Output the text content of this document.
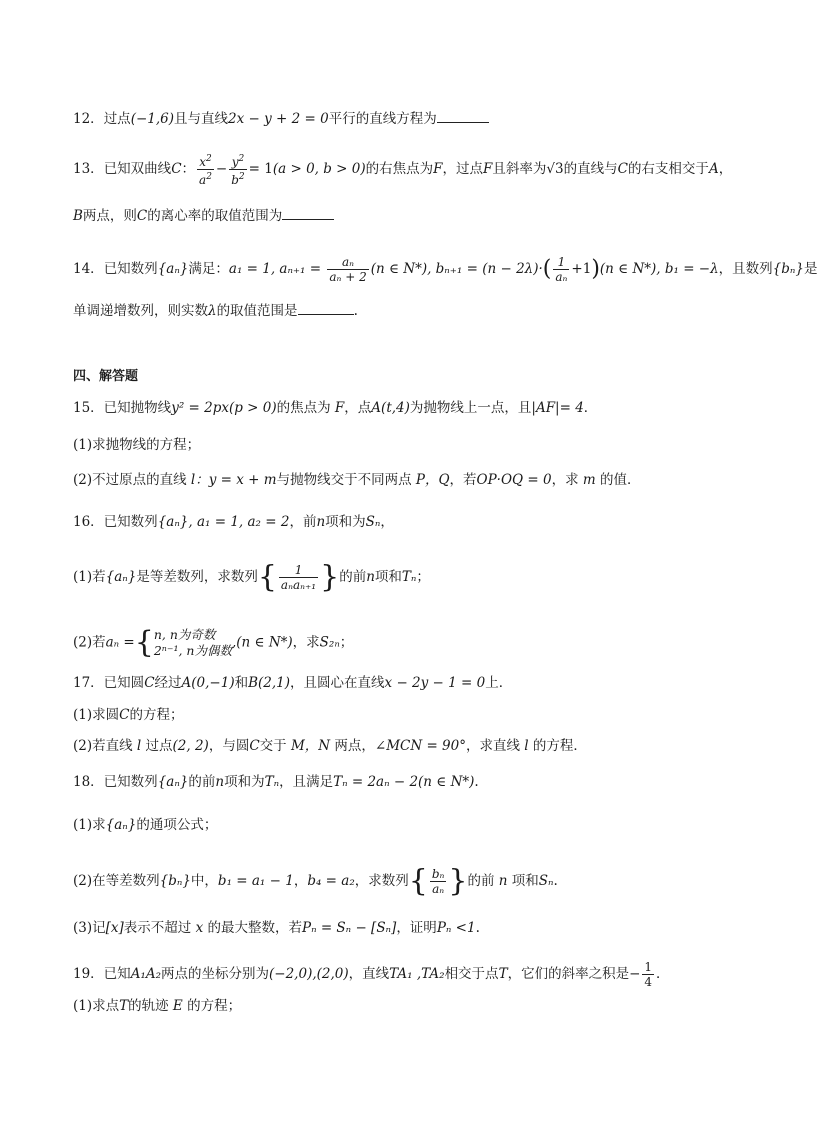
12．过点(−1,6)且与直线2x − y + 2 = 0平行的直线方程为
13．已知双曲线C： $\frac{x^2}{a^2} - \frac{y^2}{b^2} = 1(a > 0$, b > 0)的右焦点为F，过点F且斜率为√3的直线与C的右支相交于A，
B两点，则C的离心率的取值范围为
14．已知数列{aₙ}满足：a₁ = 1, $a_{n+1} = \frac{\text{aₙ}}{\text{aₙ + 2}} (n$ ∈ N*), $b_{n+1} = (n - 2\lambda)\cdot( \frac{1}{\text{aₙ}} +1)(n$ ∈ N*), b₁ = −λ，且数列{bₙ}是
单调递增数列，则实数λ的取值范围是	.
四、解答题
15．已知抛物线y² = 2px(p > 0)的焦点为 F，点A(t,4)为抛物线上一点，且|AF|= 4．
(1)求抛物线的方程；
(2)不过原点的直线 l：y = x + m与抛物线交于不同两点 P，Q，若OP·OQ = 0，求 m 的值．
16．已知数列{aₙ}, a₁ = 1, a₂ = 2，前n项和为Sₙ，
(1)若{aₙ}是等差数列，求数列{ $\frac{1}{\text{aₙaₙ₊₁}}$ }的前n项和Tₙ；
(2)若aₙ ={ n, n为奇数
2ⁿ⁻¹, n为偶数 ,(n ∈ N*)，求S₂ₙ；
17．已知圆C经过A(0,−1)和B(2,1)，且圆心在直线x − 2y − 1 = 0上．
(1)求圆C的方程；
(2)若直线 l 过点(2, 2)，与圆C交于 M，N 两点，∠MCN = 90°，求直线 l 的方程．
18．已知数列{aₙ}的前n项和为Tₙ，且满足Tₙ = 2aₙ − 2(n ∈ N*).
(1)求{aₙ}的通项公式；
(2)在等差数列{bₙ}中，b₁ = a₁ − 1，b₄ = a₂，求数列{ $\frac{\text{bₙ}}{\text{aₙ}}$ }的前 n 项和Sₙ.
(3)记[x]表示不超过 x 的最大整数，若Pₙ = Sₙ − [Sₙ]，证明Pₙ <1.
19．已知A₁A₂两点的坐标分别为(−2,0),(2,0)，直线TA₁ ,TA₂相交于点T，它们的斜率之积是− $\frac{1}{4}$ ．
(1)求点T的轨迹 E 的方程；
